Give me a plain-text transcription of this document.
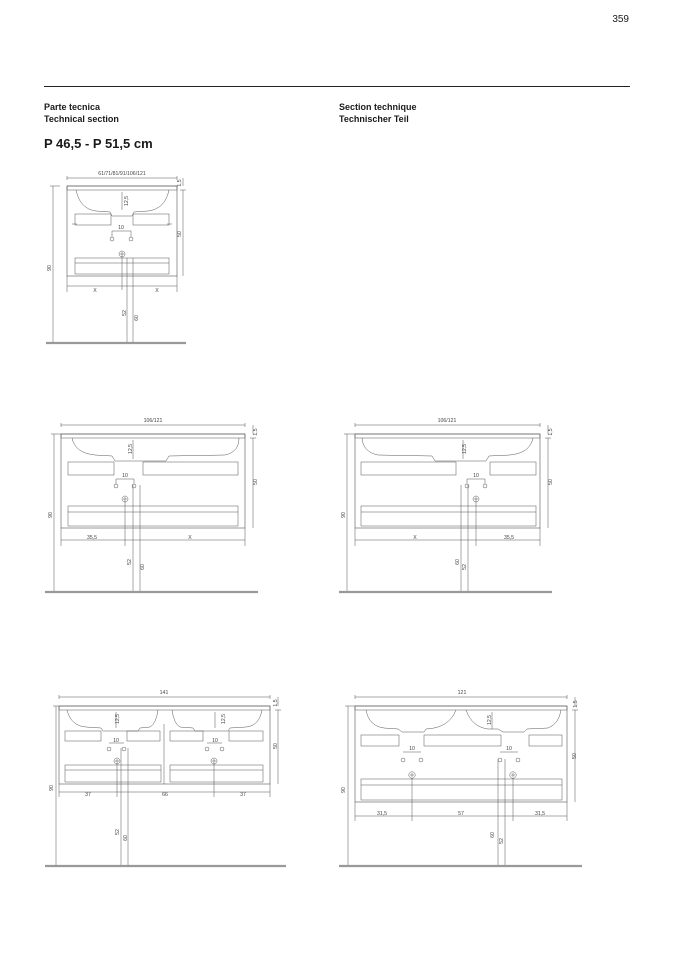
359
Parte tecnica
Technical section
Section technique
Technischer Teil
P 46,5 - P 51,5 cm
61/71/81/91/106/121
1,5
12,5
10
50
90
X	X
52
60
106/121
1,5
12,5
10
50
90
35,5	X
52
60
106/121
1,5
12,5
10
50
90
X	35,5
60
52
141
1,5
12,5	12,5
10	10
50
90
37	66	37
52
60
121
1,5
12,5
10	10
50
90
31,5	57	31,5
60
52
